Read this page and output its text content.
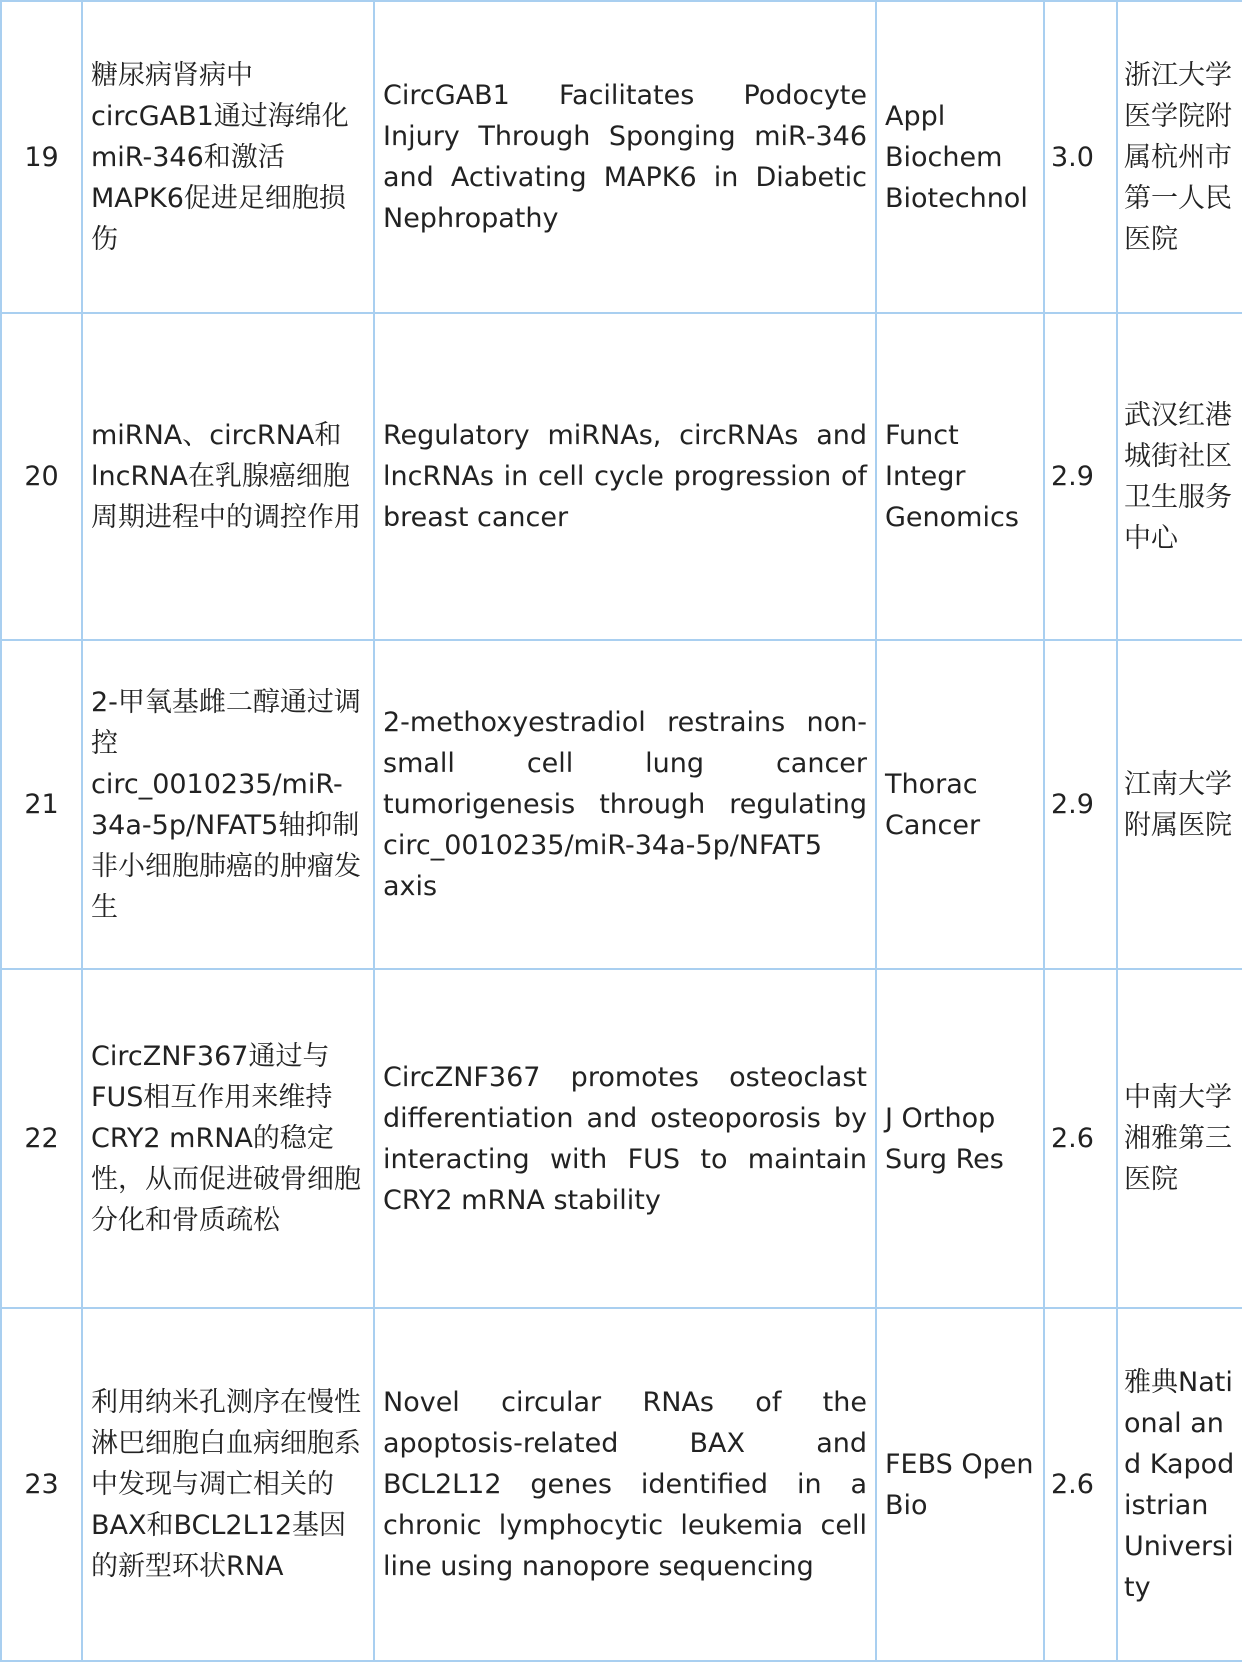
19	糖尿病肾病中circGAB1通过海绵化miR-346和激活MAPK6促进足细胞损伤	CircGAB1 Facilitates Podocyte Injury Through Sponging miR-346 and Activating MAPK6 in Diabetic Nephropathy	Appl Biochem Biotechnol	3.0	浙江大学医学院附属杭州市第一人民医院
20	miRNA、circRNA和lncRNA在乳腺癌细胞周期进程中的调控作用	Regulatory miRNAs, circRNAs and lncRNAs in cell cycle progression of breast cancer	Funct Integr Genomics	2.9	武汉红港城街社区卫生服务中心
21	2-甲氧基雌二醇通过调控circ_0010235/miR-34a-5p/NFAT5轴抑制非小细胞肺癌的肿瘤发生	2-methoxyestradiol restrains non-small cell lung cancer tumorigenesis through regulating circ_0010235/miR-34a-5p/NFAT5 axis	Thorac Cancer	2.9	江南大学附属医院
22	CircZNF367通过与FUS相互作用来维持CRY2 mRNA的稳定性，从而促进破骨细胞分化和骨质疏松	CircZNF367 promotes osteoclast differentiation and osteoporosis by interacting with FUS to maintain CRY2 mRNA stability	J Orthop Surg Res	2.6	中南大学湘雅第三医院
23	利用纳米孔测序在慢性淋巴细胞白血病细胞系中发现与凋亡相关的BAX和BCL2L12基因的新型环状RNA	Novel circular RNAs of the apoptosis-related BAX and BCL2L12 genes identified in a chronic lymphocytic leukemia cell line using nanopore sequencing	FEBS Open Bio	2.6	雅典National and Kapodistrian University
